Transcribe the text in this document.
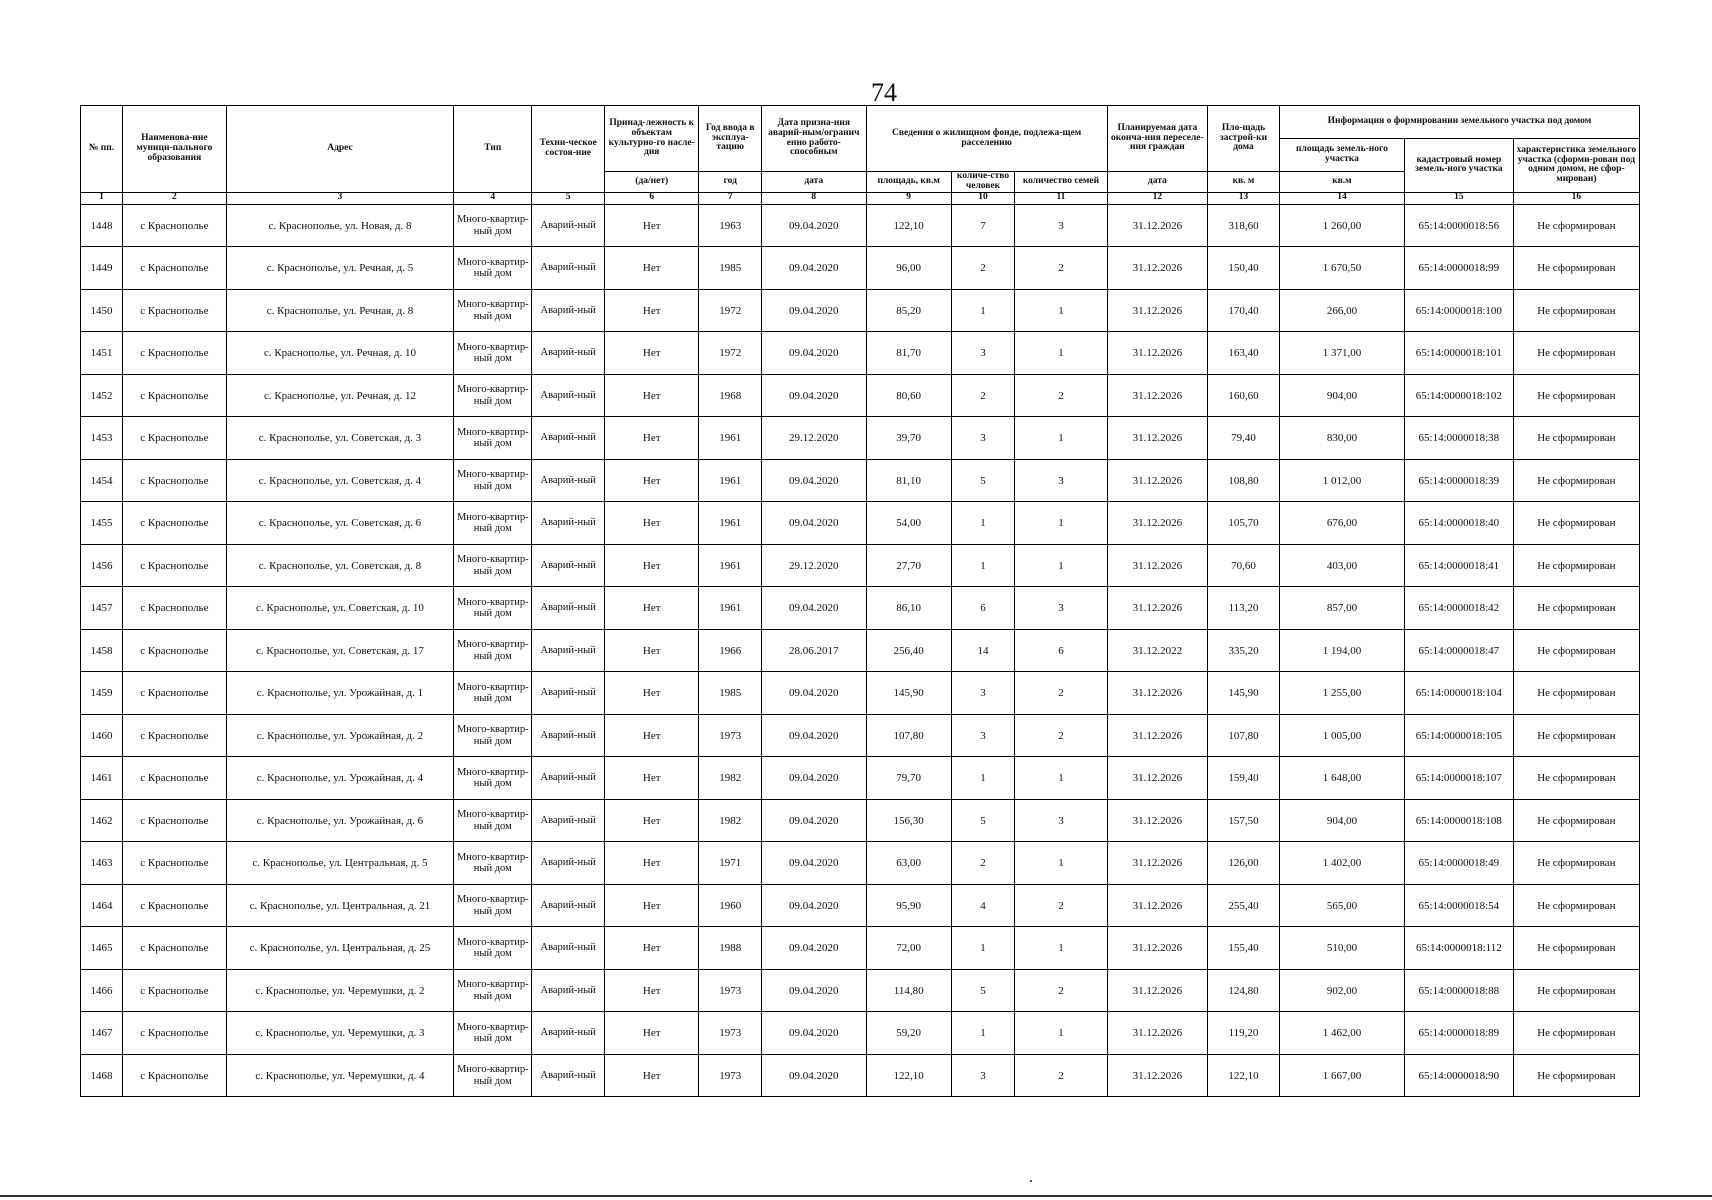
74
№ пп.	Наименова-ние муници-пального образования	Адрес	Тип	Техни-ческое состоя-ние	Принад-лежность к объектам культурно-го насле-дия	Год ввода в эксплуа-тацию	Дата призна-ния аварий-ным/огранич енно работо-способным	Сведения о жилищном фонде, подлежа-щем расселению			Планируемая дата оконча-ния переселе-ния граждан	Пло-щадь застрой-ки дома	Информация о формировании земельного участка под домом		
													площадь земель-ного участка	кадастровый номер земель-ного участка	характеристика земельного участка (сформи-рован под одним домом, не сфор-мирован)
					(да/нет)	год	дата	площадь, кв.м	количе-ство человек	количество семей	дата	кв. м	кв.м		
1	2	3	4	5	6	7	8	9	10	11	12	13	14	15	16
1448	с Краснополье	с. Краснополье, ул. Новая, д. 8	Много-квартир-ный дом	Аварий-ный	Нет	1963	09.04.2020	122,10	7	3	31.12.2026	318,60	1 260,00	65:14:0000018:56	Не сформирован
1449	с Краснополье	с. Краснополье, ул. Речная, д. 5	Много-квартир-ный дом	Аварий-ный	Нет	1985	09.04.2020	96,00	2	2	31.12.2026	150,40	1 670,50	65:14:0000018:99	Не сформирован
1450	с Краснополье	с. Краснополье, ул. Речная, д. 8	Много-квартир-ный дом	Аварий-ный	Нет	1972	09.04.2020	85,20	1	1	31.12.2026	170,40	266,00	65:14:0000018:100	Не сформирован
1451	с Краснополье	с. Краснополье, ул. Речная, д. 10	Много-квартир-ный дом	Аварий-ный	Нет	1972	09.04.2020	81,70	3	1	31.12.2026	163,40	1 371,00	65:14:0000018:101	Не сформирован
1452	с Краснополье	с. Краснополье, ул. Речная, д. 12	Много-квартир-ный дом	Аварий-ный	Нет	1968	09.04.2020	80,60	2	2	31.12.2026	160,60	904,00	65:14:0000018:102	Не сформирован
1453	с Краснополье	с. Краснополье, ул. Советская, д. 3	Много-квартир-ный дом	Аварий-ный	Нет	1961	29.12.2020	39,70	3	1	31.12.2026	79,40	830,00	65:14:0000018:38	Не сформирован
1454	с Краснополье	с. Краснополье, ул. Советская, д. 4	Много-квартир-ный дом	Аварий-ный	Нет	1961	09.04.2020	81,10	5	3	31.12.2026	108,80	1 012,00	65:14:0000018:39	Не сформирован
1455	с Краснополье	с. Краснополье, ул. Советская, д. 6	Много-квартир-ный дом	Аварий-ный	Нет	1961	09.04.2020	54,00	1	1	31.12.2026	105,70	676,00	65:14:0000018:40	Не сформирован
1456	с Краснополье	с. Краснополье, ул. Советская, д. 8	Много-квартир-ный дом	Аварий-ный	Нет	1961	29.12.2020	27,70	1	1	31.12.2026	70,60	403,00	65:14:0000018:41	Не сформирован
1457	с Краснополье	с. Краснополье, ул. Советская, д. 10	Много-квартир-ный дом	Аварий-ный	Нет	1961	09.04.2020	86,10	6	3	31.12.2026	113,20	857,00	65:14:0000018:42	Не сформирован
1458	с Краснополье	с. Краснополье, ул. Советская, д. 17	Много-квартир-ный дом	Аварий-ный	Нет	1966	28.06.2017	256,40	14	6	31.12.2022	335,20	1 194,00	65:14:0000018:47	Не сформирован
1459	с Краснополье	с. Краснополье, ул. Урожайная, д. 1	Много-квартир-ный дом	Аварий-ный	Нет	1985	09.04.2020	145,90	3	2	31.12.2026	145,90	1 255,00	65:14:0000018:104	Не сформирован
1460	с Краснополье	с. Краснополье, ул. Урожайная, д. 2	Много-квартир-ный дом	Аварий-ный	Нет	1973	09.04.2020	107,80	3	2	31.12.2026	107,80	1 005,00	65:14:0000018:105	Не сформирован
1461	с Краснополье	с. Краснополье, ул. Урожайная, д. 4	Много-квартир-ный дом	Аварий-ный	Нет	1982	09.04.2020	79,70	1	1	31.12.2026	159,40	1 648,00	65:14:0000018:107	Не сформирован
1462	с Краснополье	с. Краснополье, ул. Урожайная, д. 6	Много-квартир-ный дом	Аварий-ный	Нет	1982	09.04.2020	156,30	5	3	31.12.2026	157,50	904,00	65:14:0000018:108	Не сформирован
1463	с Краснополье	с. Краснополье, ул. Центральная, д. 5	Много-квартир-ный дом	Аварий-ный	Нет	1971	09.04.2020	63,00	2	1	31.12.2026	126,00	1 402,00	65:14:0000018:49	Не сформирован
1464	с Краснополье	с. Краснополье, ул. Центральная, д. 21	Много-квартир-ный дом	Аварий-ный	Нет	1960	09.04.2020	95,90	4	2	31.12.2026	255,40	565,00	65:14:0000018:54	Не сформирован
1465	с Краснополье	с. Краснополье, ул. Центральная, д. 25	Много-квартир-ный дом	Аварий-ный	Нет	1988	09.04.2020	72,00	1	1	31.12.2026	155,40	510,00	65:14:0000018:112	Не сформирован
1466	с Краснополье	с. Краснополье, ул. Черемушки, д. 2	Много-квартир-ный дом	Аварий-ный	Нет	1973	09.04.2020	114,80	5	2	31.12.2026	124,80	902,00	65:14:0000018:88	Не сформирован
1467	с Краснополье	с. Краснополье, ул. Черемушки, д. 3	Много-квартир-ный дом	Аварий-ный	Нет	1973	09.04.2020	59,20	1	1	31.12.2026	119,20	1 462,00	65:14:0000018:89	Не сформирован
1468	с Краснополье	с. Краснополье, ул. Черемушки, д. 4	Много-квартир-ный дом	Аварий-ный	Нет	1973	09.04.2020	122,10	3	2	31.12.2026	122,10	1 667,00	65:14:0000018:90	Не сформирован
